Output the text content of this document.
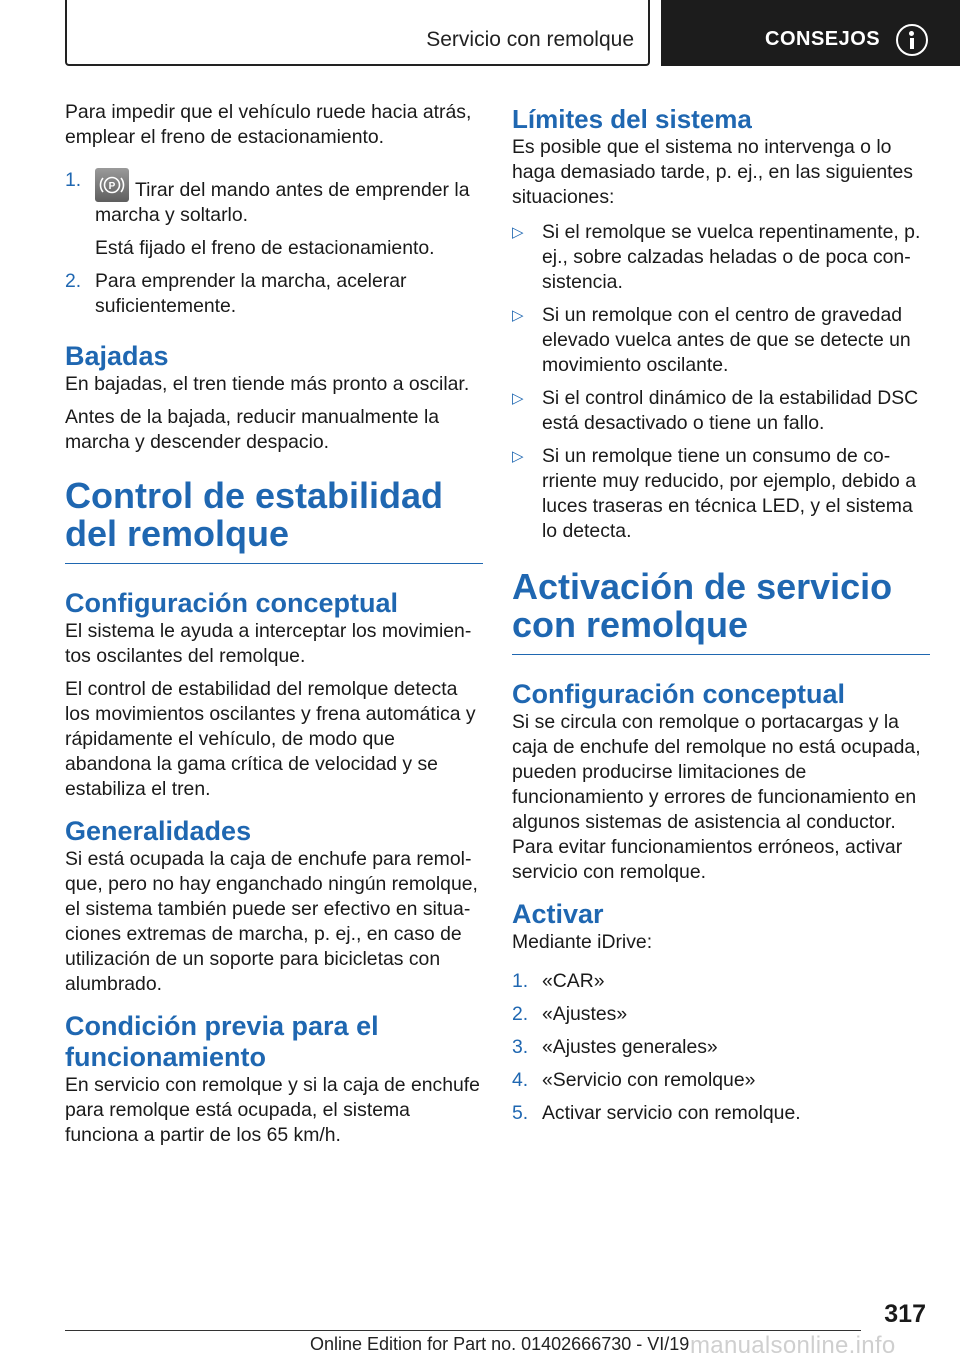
Servicio con remolque	CONSEJOS

Para impedir que el vehículo ruede hacia atrás, emplear el freno de estacionamiento.

1.	P Tirar del mando antes de emprender la marcha y soltarlo.
Está fijado el freno de estacionamiento.
2. Para emprender la marcha, acelerar suficientemente.
Bajadas

En bajadas, el tren tiende más pronto a oscilar.

Antes de la bajada, reducir manualmente la marcha y descender despacio.

Control de estabilidad del remolque
Configuración conceptual

El sistema le ayuda a interceptar los movimientos oscilantes del remolque.

El control de estabilidad del remolque detecta los movimientos oscilantes y frena automática y rápidamente el vehículo, de modo que abandona la gama crítica de velocidad y se estabiliza el tren.

Generalidades

Si está ocupada la caja de enchufe para remolque, pero no hay enganchado ningún remolque, el sistema también puede ser efectivo en situaciones extremas de marcha, p. ej., en caso de utilización de un soporte para bicicletas con alumbrado.

Condición previa para el funcionamiento

En servicio con remolque y si la caja de enchufe para remolque está ocupada, el sistema funciona a partir de los 65 km/h.

Límites del sistema

Es posible que el sistema no intervenga o lo haga demasiado tarde, p. ej., en las siguientes situaciones:

▷ Si el remolque se vuelca repentinamente, p. ej., sobre calzadas heladas o de poca consistencia.
▷ Si un remolque con el centro de gravedad elevado vuelca antes de que se detecte un movimiento oscilante.
▷ Si el control dinámico de la estabilidad DSC está desactivado o tiene un fallo.
▷ Si un remolque tiene un consumo de corriente muy reducido, por ejemplo, debido a luces traseras en técnica LED, y el sistema lo detecta.
Activación de servicio con remolque
Configuración conceptual

Si se circula con remolque o portacargas y la caja de enchufe del remolque no está ocupada, pueden producirse limitaciones de funcionamiento y errores de funcionamiento en algunos sistemas de asistencia al conductor. Para evitar funcionamientos erróneos, activar servicio con remolque.

Activar

Mediante iDrive:

1. «CAR»
2. «Ajustes»
3. «Ajustes generales»
4. «Servicio con remolque»
5. Activar servicio con remolque.
317
Online Edition for Part no. 01402666730 - VI/19 manualsonline.info
